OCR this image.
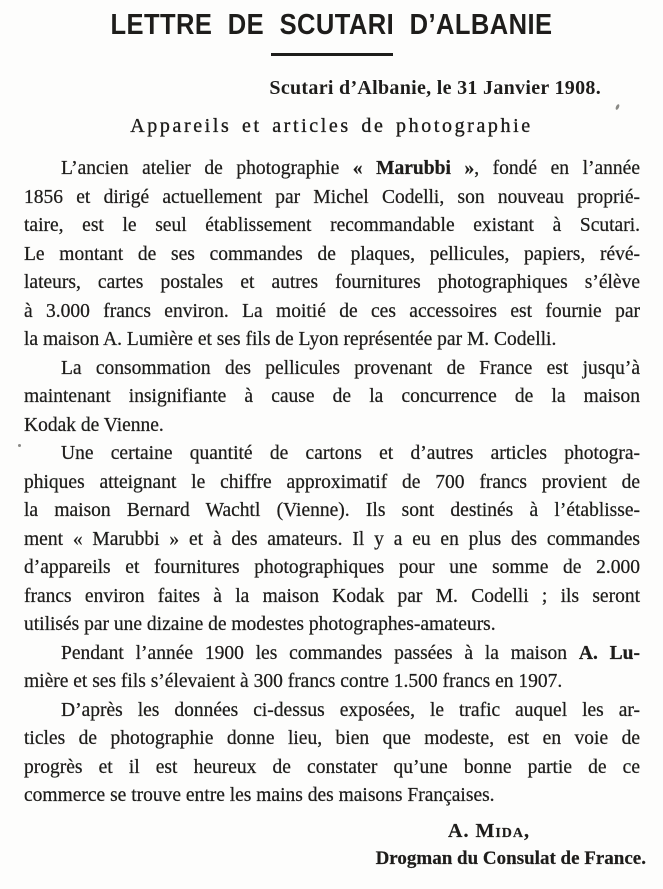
LETTRE DE SCUTARI D’ALBANIE
Scutari d’Albanie, le 31 Janvier 1908.
Appareils et articles de photographie
L’ancien atelier de photographie « Marubbi », fondé en l’année
1856 et dirigé actuellement par Michel Codelli, son nouveau proprié-
taire, est le seul établissement recommandable existant à Scutari.
Le montant de ses commandes de plaques, pellicules, papiers, révé-
lateurs, cartes postales et autres fournitures photographiques s’élève
à 3.000 francs environ. La moitié de ces accessoires est fournie par
la maison A. Lumière et ses fils de Lyon représentée par M. Codelli.
La consommation des pellicules provenant de France est jusqu’à
maintenant insignifiante à cause de la concurrence de la maison
Kodak de Vienne.
Une certaine quantité de cartons et d’autres articles photogra-
phiques atteignant le chiffre approximatif de 700 francs provient de
la maison Bernard Wachtl (Vienne). Ils sont destinés à l’établisse-
ment « Marubbi » et à des amateurs. Il y a eu en plus des commandes
d’appareils et fournitures photographiques pour une somme de 2.000
francs environ faites à la maison Kodak par M. Codelli ; ils seront
utilisés par une dizaine de modestes photographes-amateurs.
Pendant l’année 1900 les commandes passées à la maison A. Lu-
mière et ses fils s’élevaient à 300 francs contre 1.500 francs en 1907.
D’après les données ci-dessus exposées, le trafic auquel les ar-
ticles de photographie donne lieu, bien que modeste, est en voie de
progrès et il est heureux de constater qu’une bonne partie de ce
commerce se trouve entre les mains des maisons Françaises.
A. Mida,
Drogman du Consulat de France.
